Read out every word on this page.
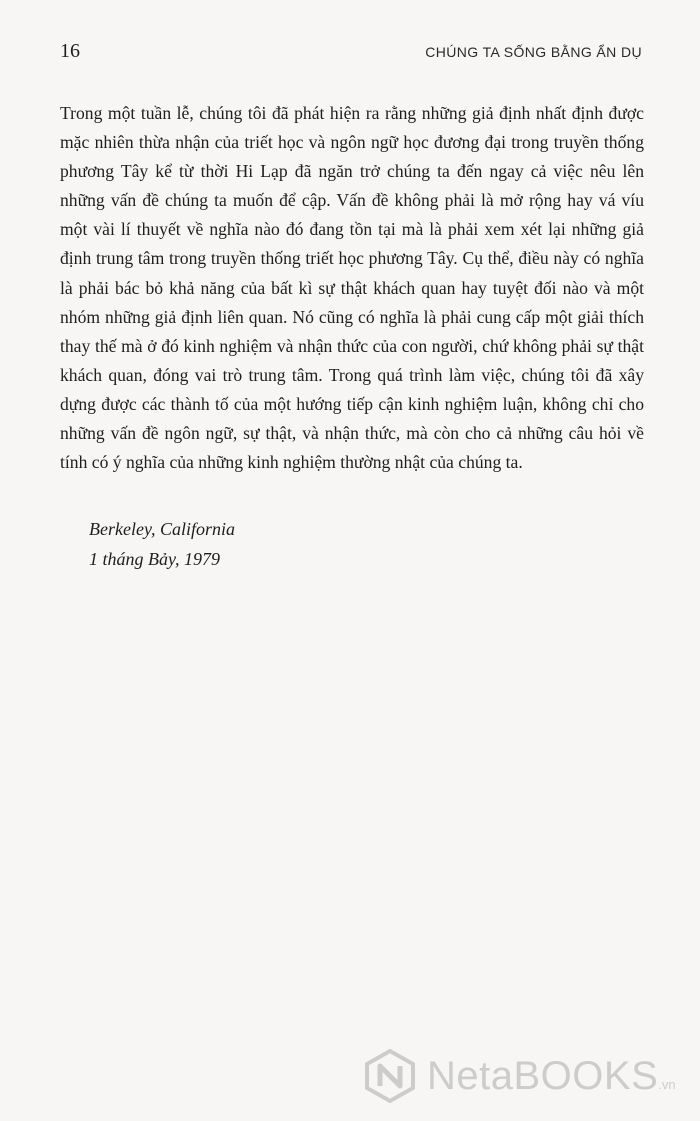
16	CHÚNG TA SỐNG BẰNG ẨN DỤ

Trong một tuần lễ, chúng tôi đã phát hiện ra rằng những giả định nhất định được mặc nhiên thừa nhận của triết học và ngôn ngữ học đương đại trong truyền thống phương Tây kể từ thời Hi Lạp đã ngăn trở chúng ta đến ngay cả việc nêu lên những vấn đề chúng ta muốn để cập. Vấn đề không phải là mở rộng hay vá víu một vài lí thuyết về nghĩa nào đó đang tồn tại mà là phải xem xét lại những giả định trung tâm trong truyền thống triết học phương Tây. Cụ thể, điều này có nghĩa là phải bác bỏ khả năng của bất kì sự thật khách quan hay tuyệt đối nào và một nhóm những giả định liên quan. Nó cũng có nghĩa là phải cung cấp một giải thích thay thế mà ở đó kinh nghiệm và nhận thức của con người, chứ không phải sự thật khách quan, đóng vai trò trung tâm. Trong quá trình làm việc, chúng tôi đã xây dựng được các thành tố của một hướng tiếp cận kinh nghiệm luận, không chỉ cho những vấn đề ngôn ngữ, sự thật, và nhận thức, mà còn cho cả những câu hỏi về tính có ý nghĩa của những kinh nghiệm thường nhật của chúng ta.

Berkeley, California
1 tháng Bảy, 1979
NetaBOOKS.vn
